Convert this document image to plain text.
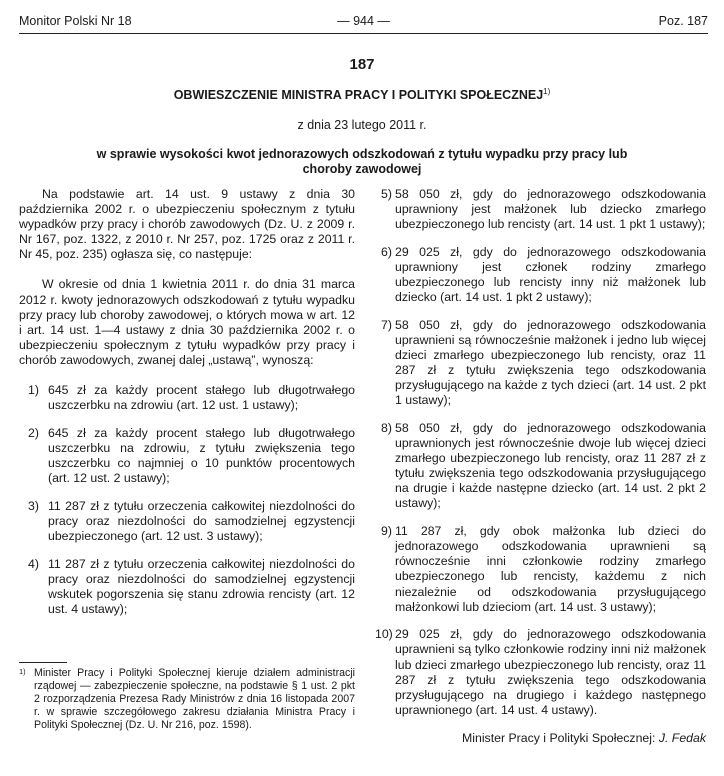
Monitor Polski Nr 18	— 944 —	Poz. 187
187
OBWIESZCZENIE MINISTRA PRACY I POLITYKI SPOŁECZNEJ$^{1)}$
z dnia 23 lutego 2011 r.
w sprawie wysokości kwot jednorazowych odszkodowań z tytułu wypadku przy pracy lub choroby zawodowej

Na podstawie art. 14 ust. 9 ustawy z dnia 30 października 2002 r. o ubezpieczeniu społecznym z tytułu wypadków przy pracy i chorób zawodowych (Dz. U. z 2009 r. Nr 167, poz. 1322, z 2010 r. Nr 257, poz. 1725 oraz z 2011 r. Nr 45, poz. 235) ogłasza się, co następuje:

W okresie od dnia 1 kwietnia 2011 r. do dnia 31 marca 2012 r. kwoty jednorazowych odszkodowań z tytułu wypadku przy pracy lub choroby zawodowej, o których mowa w art. 12 i art. 14 ust. 1—4 ustawy z dnia 30 października 2002 r. o ubezpieczeniu społecznym z tytułu wypadków przy pracy i chorób zawodowych, zwanej dalej „ustawą”, wynoszą:

1) 645 zł za każdy procent stałego lub długotrwałego uszczerbku na zdrowiu (art. 12 ust. 1 ustawy);
2) 645 zł za każdy procent stałego lub długotrwałego uszczerbku na zdrowiu, z tytułu zwiększenia tego uszczerbku co najmniej o 10 punktów procentowych (art. 12 ust. 2 ustawy);
3) 11 287 zł z tytułu orzeczenia całkowitej niezdolności do pracy oraz niezdolności do samodzielnej egzystencji ubezpieczonego (art. 12 ust. 3 ustawy);
4) 11 287 zł z tytułu orzeczenia całkowitej niezdolności do pracy oraz niezdolności do samodzielnej egzystencji wskutek pogorszenia się stanu zdrowia rencisty (art. 12 ust. 4 ustawy);
5) 58 050 zł, gdy do jednorazowego odszkodowania uprawniony jest małżonek lub dziecko zmarłego ubezpieczonego lub rencisty (art. 14 ust. 1 pkt 1 ustawy);
6) 29 025 zł, gdy do jednorazowego odszkodowania uprawniony jest członek rodziny zmarłego ubezpieczonego lub rencisty inny niż małżonek lub dziecko (art. 14 ust. 1 pkt 2 ustawy);
7) 58 050 zł, gdy do jednorazowego odszkodowania uprawnieni są równocześnie małżonek i jedno lub więcej dzieci zmarłego ubezpieczonego lub rencisty, oraz 11 287 zł z tytułu zwiększenia tego odszkodowania przysługującego na każde z tych dzieci (art. 14 ust. 2 pkt 1 ustawy);
8) 58 050 zł, gdy do jednorazowego odszkodowania uprawnionych jest równocześnie dwoje lub więcej dzieci zmarłego ubezpieczonego lub rencisty, oraz 11 287 zł z tytułu zwiększenia tego odszkodowania przysługującego na drugie i każde następne dziecko (art. 14 ust. 2 pkt 2 ustawy);
9) 11 287 zł, gdy obok małżonka lub dzieci do jednorazowego odszkodowania uprawnieni są równocześnie inni członkowie rodziny zmarłego ubezpieczonego lub rencisty, każdemu z nich niezależnie od odszkodowania przysługującego małżonkowi lub dzieciom (art. 14 ust. 3 ustawy);
10) 29 025 zł, gdy do jednorazowego odszkodowania uprawnieni są tylko członkowie rodziny inni niż małżonek lub dzieci zmarłego ubezpieczonego lub rencisty, oraz 11 287 zł z tytułu zwiększenia tego odszkodowania przysługującego na drugiego i każdego następnego uprawnionego (art. 14 ust. 4 ustawy).
1) Minister Pracy i Polityki Społecznej kieruje działem administracji rządowej — zabezpieczenie społeczne, na podstawie § 1 ust. 2 pkt 2 rozporządzenia Prezesa Rady Ministrów z dnia 16 listopada 2007 r. w sprawie szczegółowego zakresu działania Ministra Pracy i Polityki Społecznej (Dz. U. Nr 216, poz. 1598).
Minister Pracy i Polityki Społecznej: J. Fedak
